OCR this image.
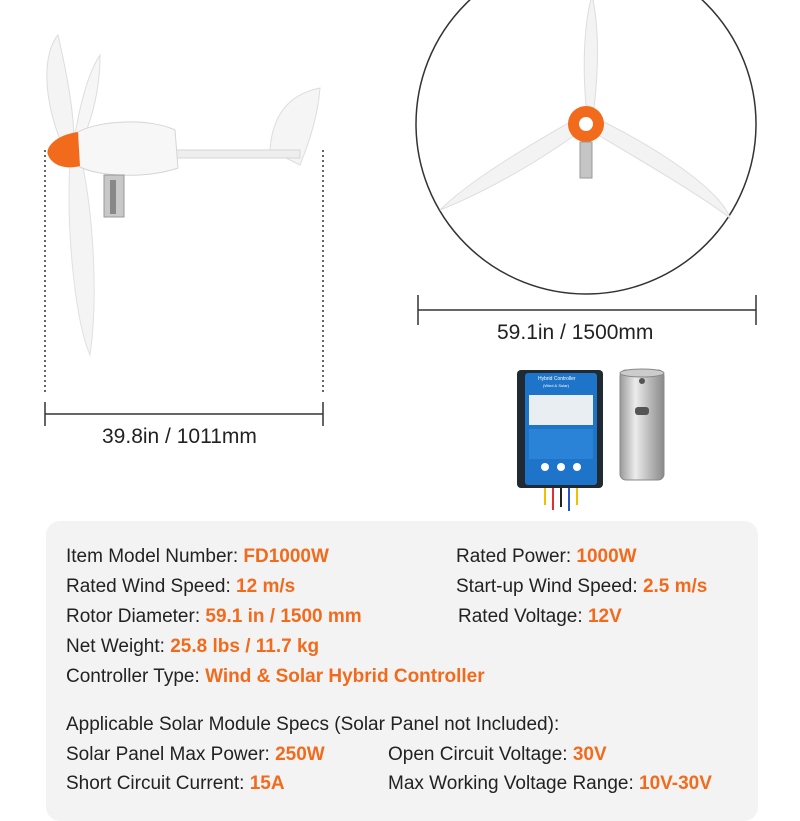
39.8in / 1011mm
59.1in / 1500mm
Hybrid Controller
(Wind & Solar)
Item Model Number: FD1000W	Rated Power: 1000W
Rated Wind Speed: 12 m/s	Start-up Wind Speed: 2.5 m/s
Rotor Diameter: 59.1 in / 1500 mm	Rated Voltage: 12V
Net Weight: 25.8 lbs / 11.7 kg
Controller Type: Wind & Solar Hybrid Controller
Applicable Solar Module Specs (Solar Panel not Included):
Solar Panel Max Power: 250W	Open Circuit Voltage: 30V
Short Circuit Current: 15A	Max Working Voltage Range: 10V-30V
